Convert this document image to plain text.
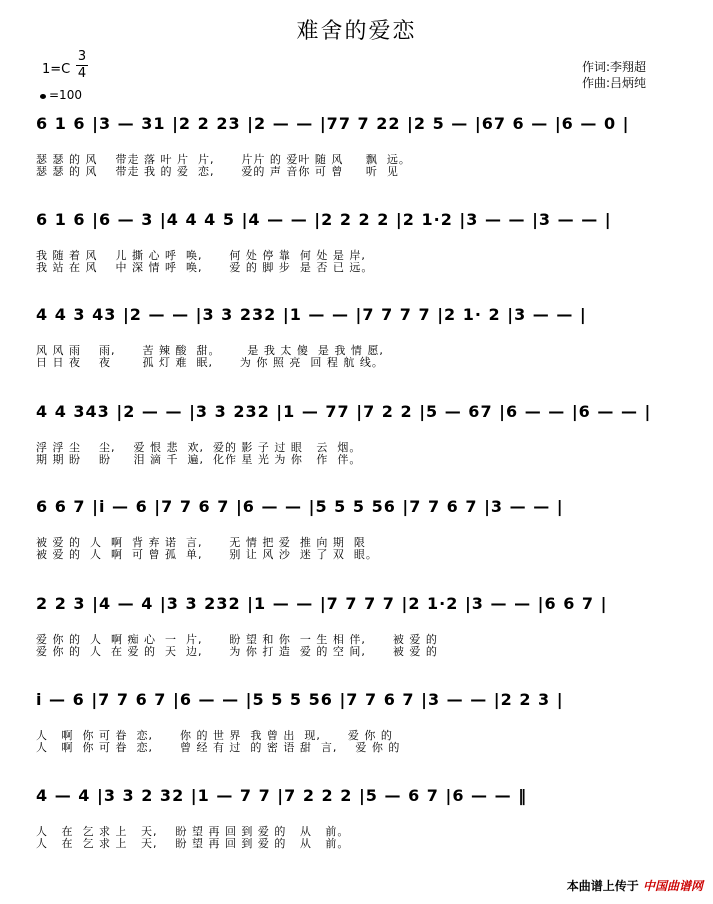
难舍的爱恋
1=C
3
4
=100
作词:李翔超
作曲:吕炳纯
6 1 6 |3 — 31 |2 2 23 |2 — — |77 7 22 |2 5 — |67 6 — |6 — 0 |
瑟 瑟 的 风    带走 落 叶 片  片,      片片 的 爱叶 随 风     飘  远。
瑟 瑟 的 风    带走 我 的 爱  恋,      爱的 声 音你 可 曾     听  见
6 1 6 |6 — 3 |4 4 4 5 |4 — — |2 2 2 2 |2 1·2 |3 — — |3 — — |
我 随 着 风    儿 撕 心 呼  唤,      何 处 停 靠  何 处 是 岸,
我 站 在 风    中 深 情 呼  唤,      爱 的 脚 步  是 否 已 远。
4 4 3 43 |2 — — |3 3 232 |1 — — |7 7 7 7 |2 1· 2 |3 — — |
风 风 雨    雨,      苦 辣 酸  甜。      是 我 太 傻  是 我 情 愿,
日 日 夜    夜       孤 灯 难  眠,      为 你 照 亮  回 程 航 线。
4 4 343 |2 — — |3 3 232 |1 — 77 |7 2 2 |5 — 67 |6 — — |6 — — |
浮 浮 尘    尘,    爱 恨 悲  欢,  爱的 影 子 过 眼   云  烟。
期 期 盼    盼     泪 滴 千  遍,  化作 星 光 为 你   作  伴。
6 6 7 |i — 6 |7 7 6 7 |6 — — |5 5 5 56 |7 7 6 7 |3 — — |
被 爱 的  人  啊  背 弃 诺  言,      无 情 把 爱  推 向 期  限
被 爱 的  人  啊  可 曾 孤  单,      别 让 风 沙  迷 了 双  眼。
2 2 3 |4 — 4 |3 3 232 |1 — — |7 7 7 7 |2 1·2 |3 — — |6 6 7 |
爱 你 的  人  啊 痴 心  一  片,      盼 望 和 你  一 生 相 伴,      被 爱 的
爱 你 的  人  在 爱 的  天  边,      为 你 打 造  爱 的 空 间,      被 爱 的
i — 6 |7 7 6 7 |6 — — |5 5 5 56 |7 7 6 7 |3 — — |2 2 3 |
人   啊  你 可 眷  恋,      你 的 世 界  我 曾 出  现,      爱 你 的
人   啊  你 可 眷  恋,      曾 经 有 过  的 密 语 甜  言,    爱 你 的
4 — 4 |3 3 2 32 |1 — 7 7 |7 2 2 2 |5 — 6 7 |6 — — ‖
人   在  乞 求 上   天,    盼 望 再 回 到 爱 的   从   前。
人   在  乞 求 上   天,    盼 望 再 回 到 爱 的   从   前。
本曲谱上传于 中国曲谱网
